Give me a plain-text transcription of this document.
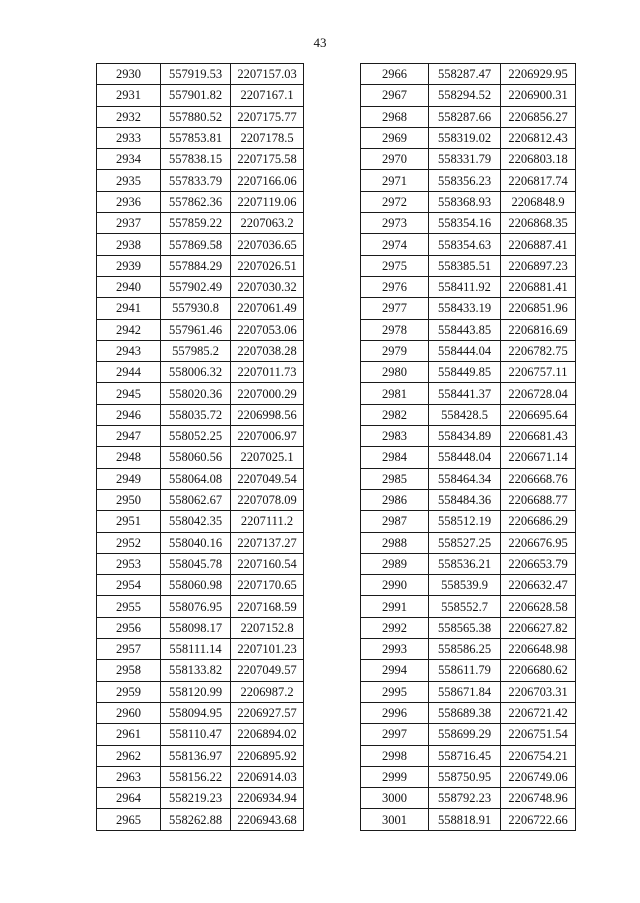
43
2930	557919.53	2207157.03
2931	557901.82	2207167.1
2932	557880.52	2207175.77
2933	557853.81	2207178.5
2934	557838.15	2207175.58
2935	557833.79	2207166.06
2936	557862.36	2207119.06
2937	557859.22	2207063.2
2938	557869.58	2207036.65
2939	557884.29	2207026.51
2940	557902.49	2207030.32
2941	557930.8	2207061.49
2942	557961.46	2207053.06
2943	557985.2	2207038.28
2944	558006.32	2207011.73
2945	558020.36	2207000.29
2946	558035.72	2206998.56
2947	558052.25	2207006.97
2948	558060.56	2207025.1
2949	558064.08	2207049.54
2950	558062.67	2207078.09
2951	558042.35	2207111.2
2952	558040.16	2207137.27
2953	558045.78	2207160.54
2954	558060.98	2207170.65
2955	558076.95	2207168.59
2956	558098.17	2207152.8
2957	558111.14	2207101.23
2958	558133.82	2207049.57
2959	558120.99	2206987.2
2960	558094.95	2206927.57
2961	558110.47	2206894.02
2962	558136.97	2206895.92
2963	558156.22	2206914.03
2964	558219.23	2206934.94
2965	558262.88	2206943.68
2966	558287.47	2206929.95
2967	558294.52	2206900.31
2968	558287.66	2206856.27
2969	558319.02	2206812.43
2970	558331.79	2206803.18
2971	558356.23	2206817.74
2972	558368.93	2206848.9
2973	558354.16	2206868.35
2974	558354.63	2206887.41
2975	558385.51	2206897.23
2976	558411.92	2206881.41
2977	558433.19	2206851.96
2978	558443.85	2206816.69
2979	558444.04	2206782.75
2980	558449.85	2206757.11
2981	558441.37	2206728.04
2982	558428.5	2206695.64
2983	558434.89	2206681.43
2984	558448.04	2206671.14
2985	558464.34	2206668.76
2986	558484.36	2206688.77
2987	558512.19	2206686.29
2988	558527.25	2206676.95
2989	558536.21	2206653.79
2990	558539.9	2206632.47
2991	558552.7	2206628.58
2992	558565.38	2206627.82
2993	558586.25	2206648.98
2994	558611.79	2206680.62
2995	558671.84	2206703.31
2996	558689.38	2206721.42
2997	558699.29	2206751.54
2998	558716.45	2206754.21
2999	558750.95	2206749.06
3000	558792.23	2206748.96
3001	558818.91	2206722.66
